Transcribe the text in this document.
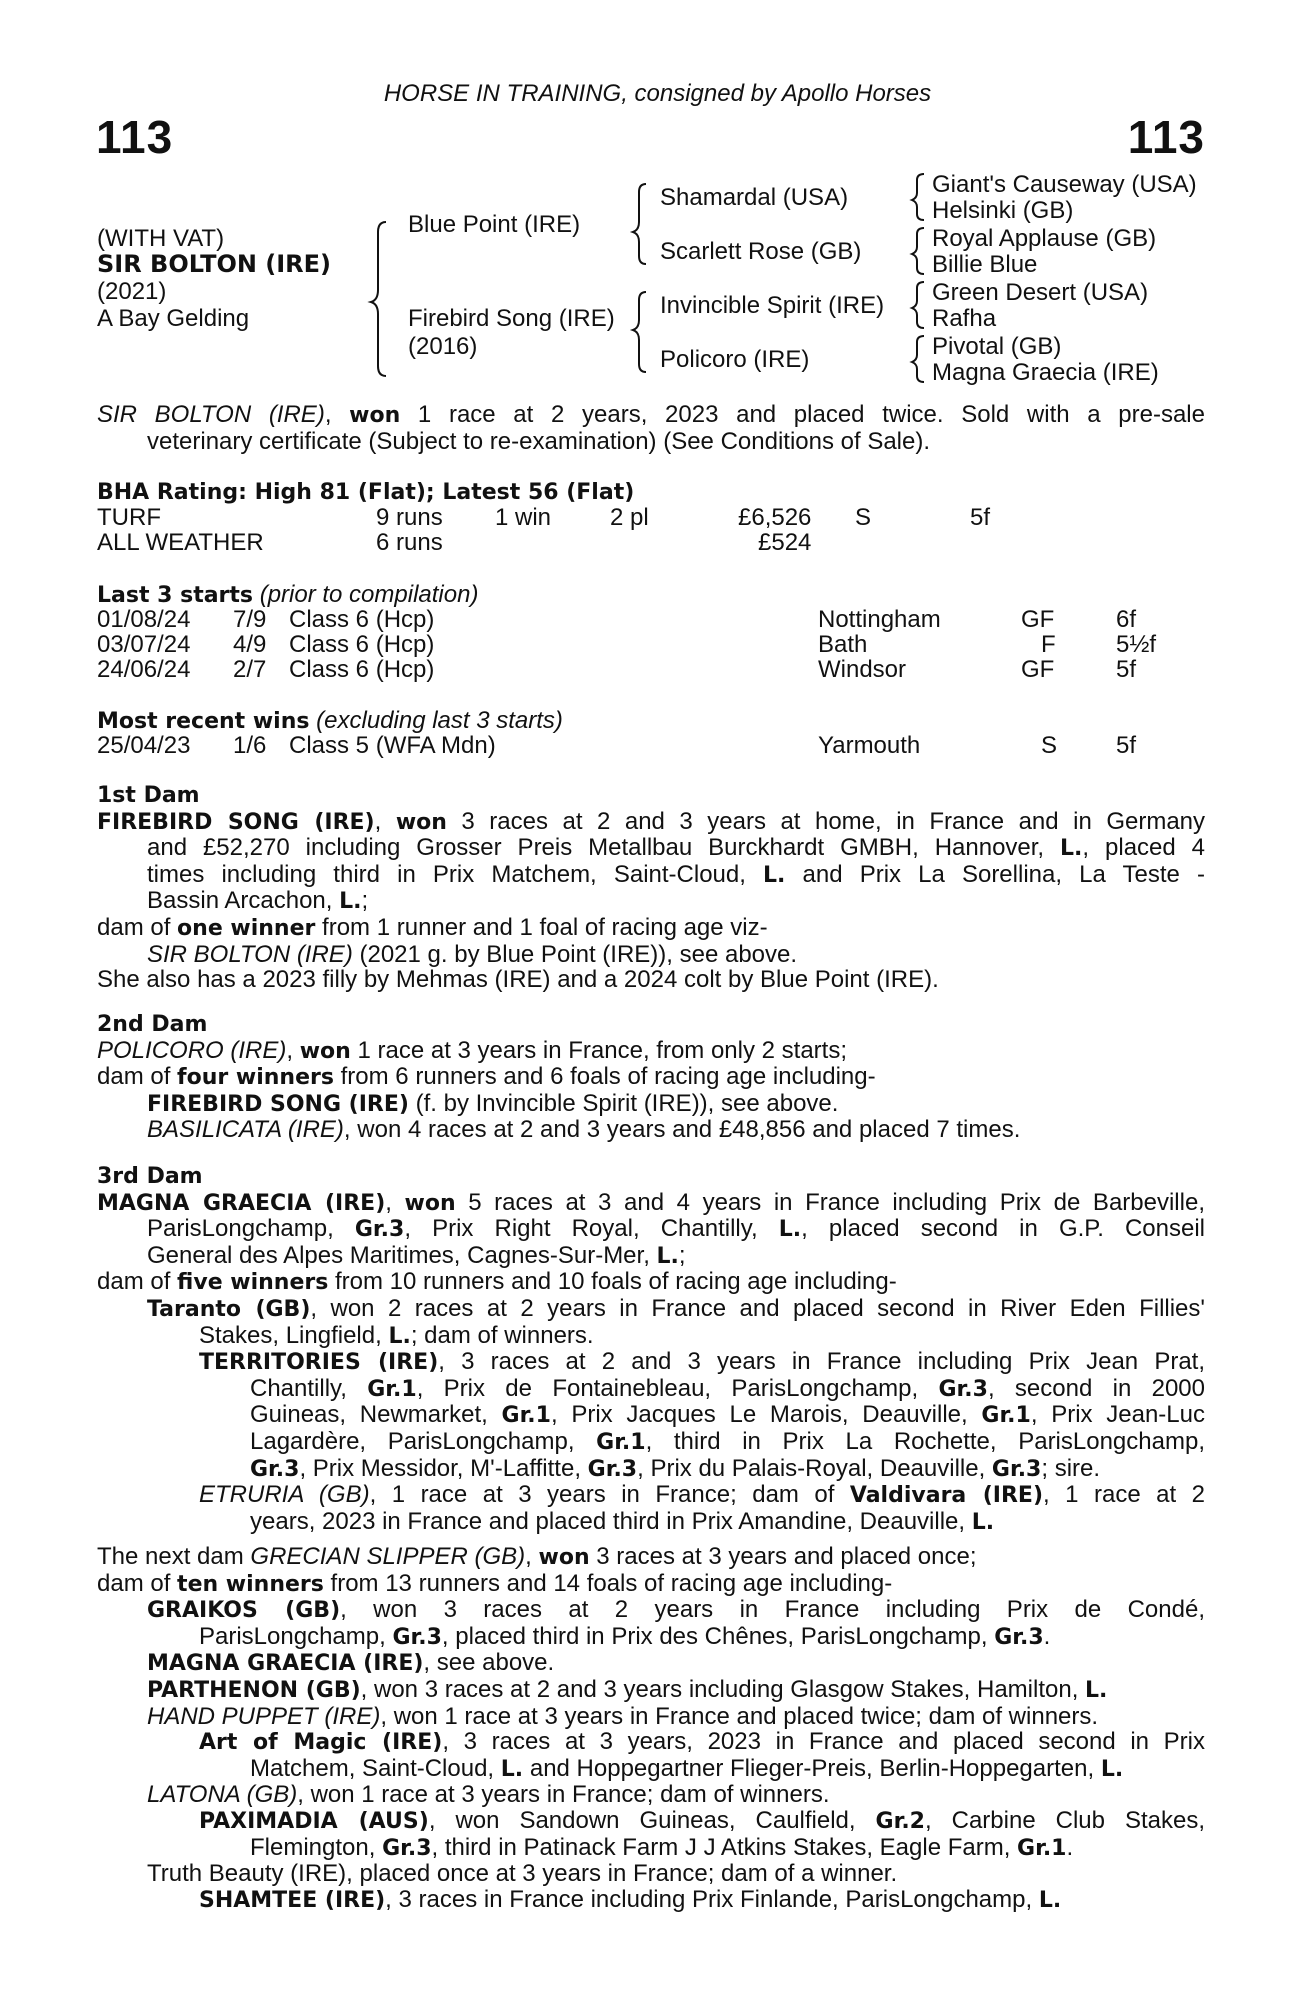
HORSE IN TRAINING, consigned by Apollo Horses
113	113
(WITH VAT)
SIR BOLTON (IRE)
(2021)
A Bay Gelding
Blue Point (IRE)
Firebird Song (IRE)
(2016)
Shamardal (USA)
Scarlett Rose (GB)
Invincible Spirit (IRE)
Policoro (IRE)
Giant's Causeway (USA)
Helsinki (GB)
Royal Applause (GB)
Billie Blue
Green Desert (USA)
Rafha
Pivotal (GB)
Magna Graecia (IRE)
SIR BOLTON (IRE), won 1 race at 2 years, 2023 and placed twice. Sold with a pre-sale
veterinary certificate (Subject to re-examination) (See Conditions of Sale).
BHA Rating: High 81 (Flat); Latest 56 (Flat)
TURF	9 runs 1 win 2 pl	£6,526 S	5f
ALL WEATHER	6 runs	£524
Last 3 starts (prior to compilation)
01/08/24 7/9 Class 6 (Hcp)	Nottingham	GF	6f
03/07/24 4/9 Class 6 (Hcp)	Bath	F	5½f
24/06/24 2/7 Class 6 (Hcp)	Windsor	GF	5f
Most recent wins (excluding last 3 starts)
25/04/23 1/6 Class 5 (WFA Mdn)	Yarmouth	S 5f
1st Dam
FIREBIRD SONG (IRE), won 3 races at 2 and 3 years at home, in France and in Germany
and £52,270 including Grosser Preis Metallbau Burckhardt GMBH, Hannover, L., placed 4
times including third in Prix Matchem, Saint-Cloud, L. and Prix La Sorellina, La Teste -
Bassin Arcachon, L.;
dam of one winner from 1 runner and 1 foal of racing age viz-
SIR BOLTON (IRE) (2021 g. by Blue Point (IRE)), see above.
She also has a 2023 filly by Mehmas (IRE) and a 2024 colt by Blue Point (IRE).
2nd Dam
POLICORO (IRE), won 1 race at 3 years in France, from only 2 starts;
dam of four winners from 6 runners and 6 foals of racing age including-
FIREBIRD SONG (IRE) (f. by Invincible Spirit (IRE)), see above.
BASILICATA (IRE), won 4 races at 2 and 3 years and £48,856 and placed 7 times.
3rd Dam
MAGNA GRAECIA (IRE), won 5 races at 3 and 4 years in France including Prix de Barbeville,
ParisLongchamp, Gr.3, Prix Right Royal, Chantilly, L., placed second in G.P. Conseil
General des Alpes Maritimes, Cagnes-Sur-Mer, L.;
dam of five winners from 10 runners and 10 foals of racing age including-
Taranto (GB), won 2 races at 2 years in France and placed second in River Eden Fillies'
Stakes, Lingfield, L.; dam of winners.
TERRITORIES (IRE), 3 races at 2 and 3 years in France including Prix Jean Prat,
Chantilly, Gr.1, Prix de Fontainebleau, ParisLongchamp, Gr.3, second in 2000
Guineas, Newmarket, Gr.1, Prix Jacques Le Marois, Deauville, Gr.1, Prix Jean-Luc
Lagardère, ParisLongchamp, Gr.1, third in Prix La Rochette, ParisLongchamp,
Gr.3, Prix Messidor, M'-Laffitte, Gr.3, Prix du Palais-Royal, Deauville, Gr.3; sire.
ETRURIA (GB), 1 race at 3 years in France; dam of Valdivara (IRE), 1 race at 2
years, 2023 in France and placed third in Prix Amandine, Deauville, L.
The next dam GRECIAN SLIPPER (GB), won 3 races at 3 years and placed once;
dam of ten winners from 13 runners and 14 foals of racing age including-
GRAIKOS (GB), won 3 races at 2 years in France including Prix de Condé,
ParisLongchamp, Gr.3, placed third in Prix des Chênes, ParisLongchamp, Gr.3.
MAGNA GRAECIA (IRE), see above.
PARTHENON (GB), won 3 races at 2 and 3 years including Glasgow Stakes, Hamilton, L.
HAND PUPPET (IRE), won 1 race at 3 years in France and placed twice; dam of winners.
Art of Magic (IRE), 3 races at 3 years, 2023 in France and placed second in Prix
Matchem, Saint-Cloud, L. and Hoppegartner Flieger-Preis, Berlin-Hoppegarten, L.
LATONA (GB), won 1 race at 3 years in France; dam of winners.
PAXIMADIA (AUS), won Sandown Guineas, Caulfield, Gr.2, Carbine Club Stakes,
Flemington, Gr.3, third in Patinack Farm J J Atkins Stakes, Eagle Farm, Gr.1.
Truth Beauty (IRE), placed once at 3 years in France; dam of a winner.
SHAMTEE (IRE), 3 races in France including Prix Finlande, ParisLongchamp, L.
